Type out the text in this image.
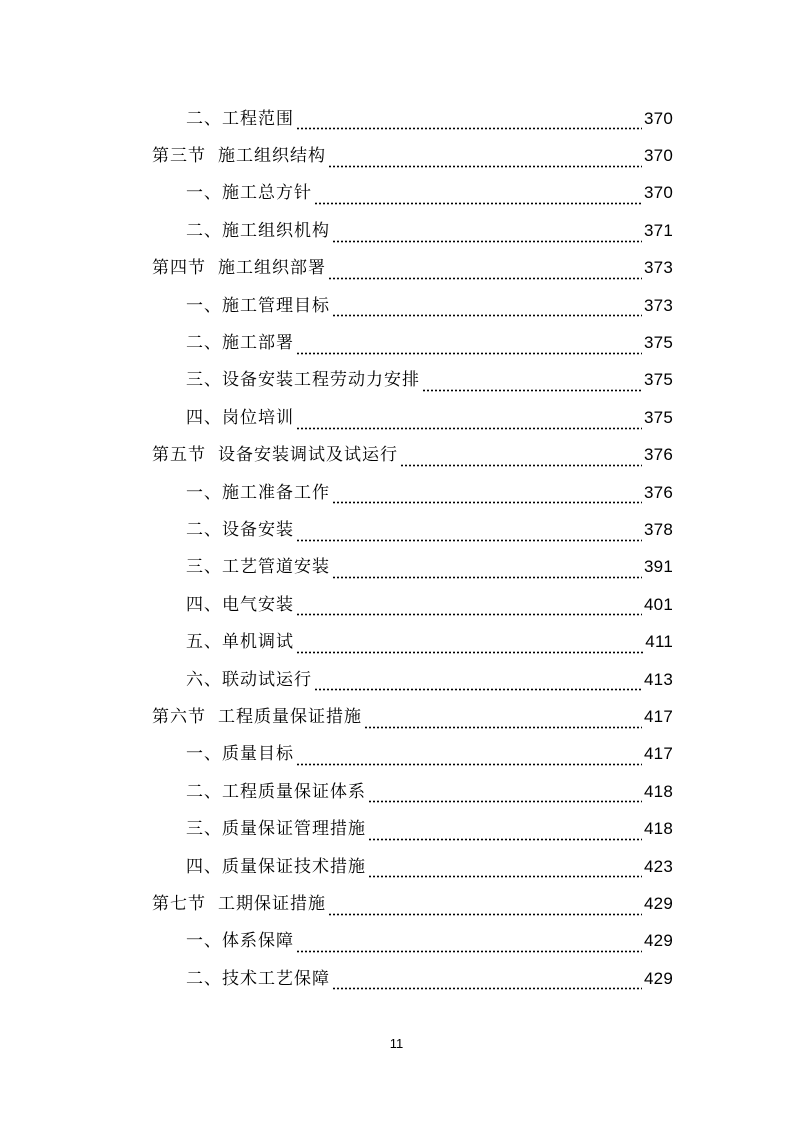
二、工程范围	370
第三节 施工组织结构	370
一、施工总方针	370
二、施工组织机构	371
第四节 施工组织部署	373
一、施工管理目标	373
二、施工部署	375
三、设备安装工程劳动力安排	375
四、岗位培训	375
第五节 设备安装调试及试运行	376
一、施工准备工作	376
二、设备安装	378
三、工艺管道安装	391
四、电气安装	401
五、单机调试	411
六、联动试运行	413
第六节 工程质量保证措施	417
一、质量目标	417
二、工程质量保证体系	418
三、质量保证管理措施	418
四、质量保证技术措施	423
第七节 工期保证措施	429
一、体系保障	429
二、技术工艺保障	429
11
